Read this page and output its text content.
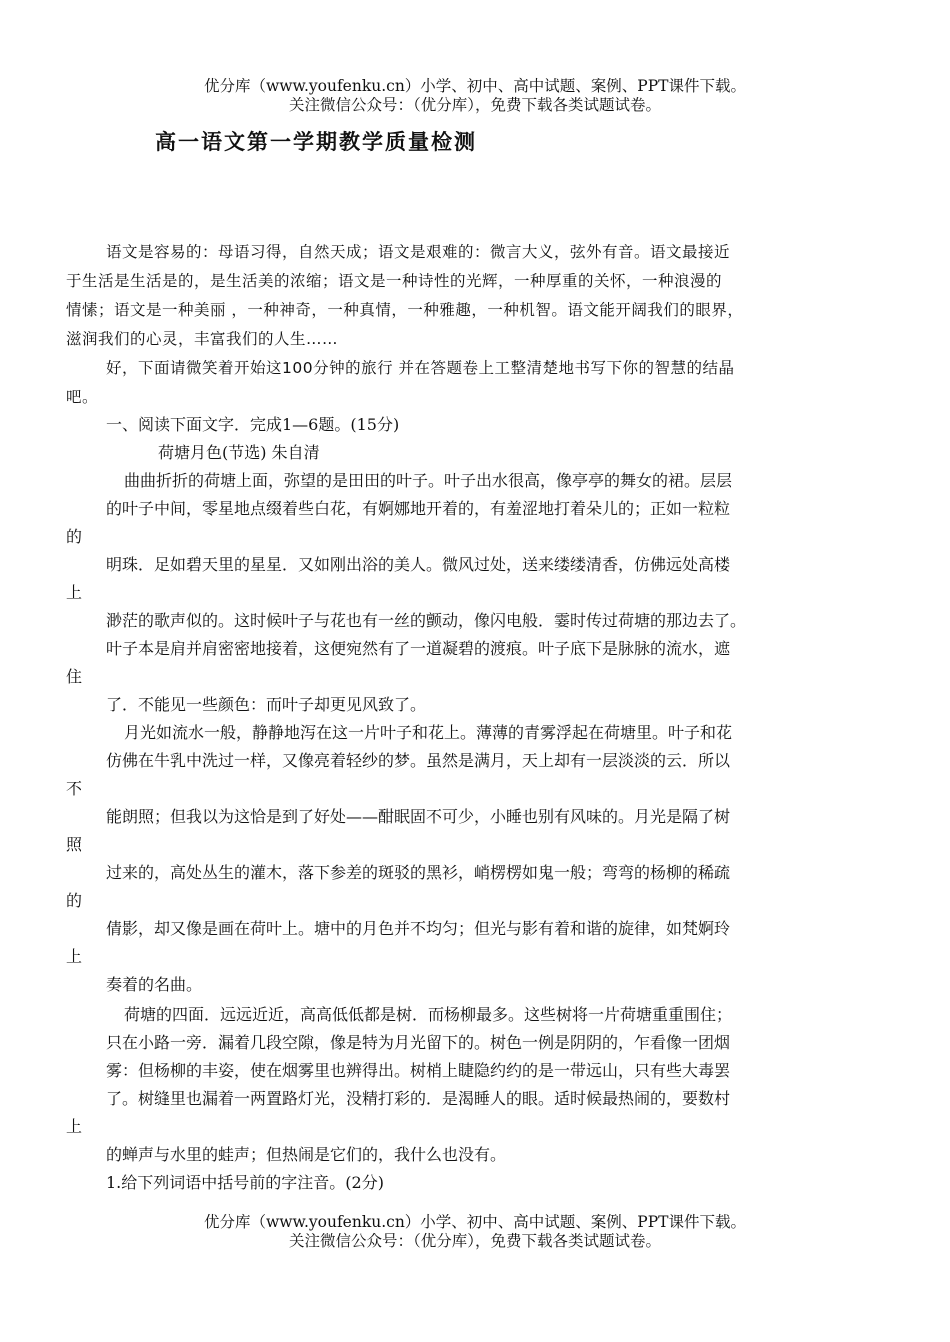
优分库（www.youfenku.cn）小学、初中、高中试题、案例、PPT课件下载。
关注微信公众号：（优分库），免费下载各类试题试卷。
高一语文第一学期教学质量检测
语文是容易的：母语习得，自然天成；语文是艰难的：微言大义，弦外有音。语文最接近
于生活是生活是的，是生活美的浓缩；语文是一种诗性的光辉，一种厚重的关怀，一种浪漫的
情愫；语文是一种美丽 ，一种神奇，一种真情，一种雅趣，一种机智。语文能开阔我们的眼界，
滋润我们的心灵，丰富我们的人生……
好，下面请微笑着开始这100分钟的旅行 并在答题卷上工整清楚地书写下你的智慧的结晶
吧。
一、阅读下面文字．完成1—6题。(15分)
荷塘月色(节选) 朱自清
曲曲折折的荷塘上面，弥望的是田田的叶子。叶子出水很高，像亭亭的舞女的裙。层层
的叶子中间，零星地点缀着些白花，有婀娜地开着的，有羞涩地打着朵儿的；正如一粒粒
的
明珠．足如碧天里的星星．又如刚出浴的美人。微风过处，送来缕缕清香，仿佛远处高楼
上
渺茫的歌声似的。这时候叶子与花也有一丝的颤动，像闪电般．霎时传过荷塘的那边去了。
叶子本是肩并肩密密地接着，这便宛然有了一道凝碧的渡痕。叶子底下是脉脉的流水，遮
住
了．不能见一些颜色：而叶子却更见风致了。
月光如流水一般，静静地泻在这一片叶子和花上。薄薄的青雾浮起在荷塘里。叶子和花
仿佛在牛乳中洗过一样，又像亮着轻纱的梦。虽然是满月，天上却有一层淡淡的云．所以
不
能朗照；但我以为这恰是到了好处——酣眠固不可少，小睡也别有风味的。月光是隔了树
照
过来的，高处丛生的灌木，落下参差的斑驳的黑衫，峭楞楞如鬼一般；弯弯的杨柳的稀疏
的
倩影，却又像是画在荷叶上。塘中的月色并不均匀；但光与影有着和谐的旋律，如梵婀玲
上
奏着的名曲。
荷塘的四面．远远近近，高高低低都是树．而杨柳最多。这些树将一片荷塘重重围住；
只在小路一旁．漏着几段空隙，像是特为月光留下的。树色一例是阴阴的，乍看像一团烟
雾：但杨柳的丰姿，使在烟雾里也辨得出。树梢上睫隐约约的是一带远山，只有些大毒罢
了。树缝里也漏着一两置路灯光，没精打彩的．是渴睡人的眼。适时候最热闹的，要数村
上
的蝉声与水里的蛙声；但热闹是它们的，我什么也没有。
1.给下列词语中括号前的字注音。(2分)
优分库（www.youfenku.cn）小学、初中、高中试题、案例、PPT课件下载。
关注微信公众号：（优分库），免费下载各类试题试卷。
